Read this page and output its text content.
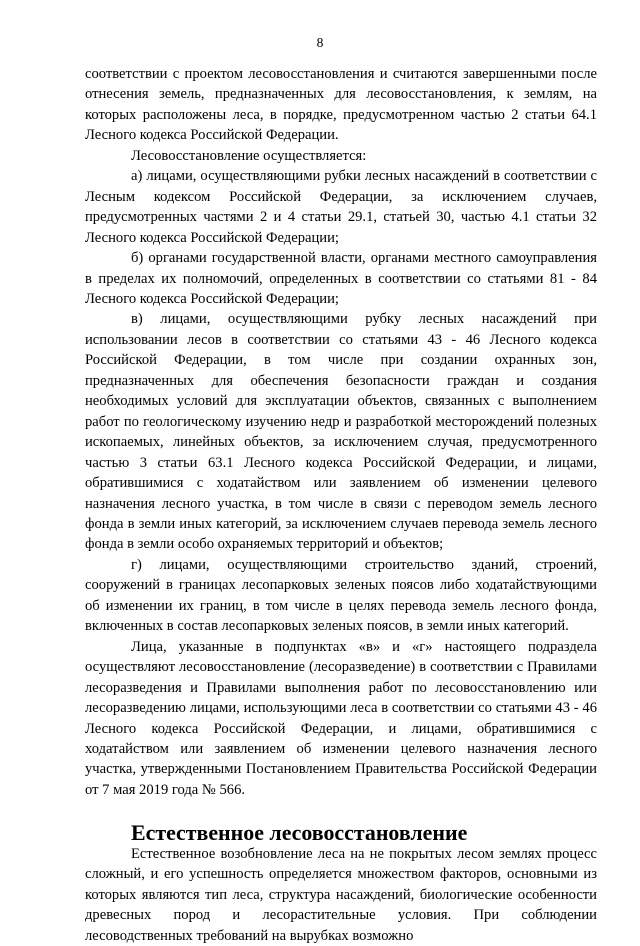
8

соответствии с проектом лесовосстановления и считаются завершенными после отнесения земель, предназначенных для лесовосстановления, к землям, на которых расположены леса, в порядке, предусмотренном частью 2 статьи 64.1 Лесного кодекса Российской Федерации.

Лесовосстановление осуществляется:

а) лицами, осуществляющими рубки лесных насаждений в соответствии с Лесным кодексом Российской Федерации, за исключением случаев, предусмотренных частями 2 и 4 статьи 29.1, статьей 30, частью 4.1 статьи 32 Лесного кодекса Российской Федерации;

б) органами государственной власти, органами местного самоуправления в пределах их полномочий, определенных в соответствии со статьями 81 - 84 Лесного кодекса Российской Федерации;

в) лицами, осуществляющими рубку лесных насаждений при использовании лесов в соответствии со статьями 43 - 46 Лесного кодекса Российской Федерации, в том числе при создании охранных зон, предназначенных для обеспечения безопасности граждан и создания необходимых условий для эксплуатации объектов, связанных с выполнением работ по геологическому изучению недр и разработкой месторождений полезных ископаемых, линейных объектов, за исключением случая, предусмотренного частью 3 статьи 63.1 Лесного кодекса Российской Федерации, и лицами, обратившимися с ходатайством или заявлением об изменении целевого назначения лесного участка, в том числе в связи с переводом земель лесного фонда в земли иных категорий, за исключением случаев перевода земель лесного фонда в земли особо охраняемых территорий и объектов;

г) лицами, осуществляющими строительство зданий, строений, сооружений в границах лесопарковых зеленых поясов либо ходатайствующими об изменении их границ, в том числе в целях перевода земель лесного фонда, включенных в состав лесопарковых зеленых поясов, в земли иных категорий.

Лица, указанные в подпунктах «в» и «г» настоящего подраздела осуществляют лесовосстановление (лесоразведение) в соответствии с Правилами лесоразведения и Правилами выполнения работ по лесовосстановлению или лесоразведению лицами, использующими леса в соответствии со статьями 43 - 46 Лесного кодекса Российской Федерации, и лицами, обратившимися с ходатайством или заявлением об изменении целевого назначения лесного участка, утвержденными Постановлением Правительства Российской Федерации от 7 мая 2019 года № 566.

Естественное лесовосстановление

Естественное возобновление леса на не покрытых лесом землях процесс сложный, и его успешность определяется множеством факторов, основными из которых являются тип леса, структура насаждений, биологические особенности древесных пород и лесорастительные условия. При соблюдении лесоводственных требований на вырубках возможно
